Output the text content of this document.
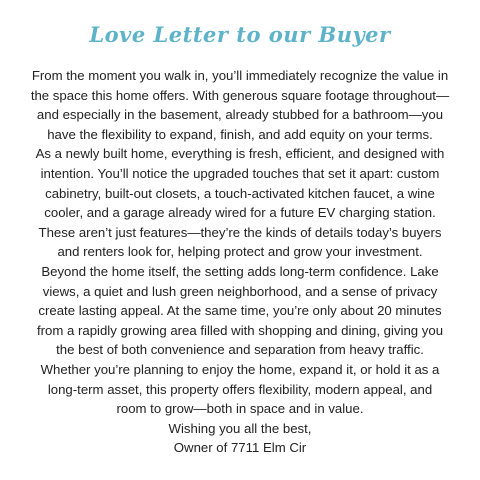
Love Letter to our Buyer
From the moment you walk in, you’ll immediately recognize the value in
the space this home offers. With generous square footage throughout—
and especially in the basement, already stubbed for a bathroom—you
have the flexibility to expand, finish, and add equity on your terms.
As a newly built home, everything is fresh, efficient, and designed with
intention. You’ll notice the upgraded touches that set it apart: custom
cabinetry, built-out closets, a touch-activated kitchen faucet, a wine
cooler, and a garage already wired for a future EV charging station.
These aren’t just features—they’re the kinds of details today’s buyers
and renters look for, helping protect and grow your investment.
Beyond the home itself, the setting adds long-term confidence. Lake
views, a quiet and lush green neighborhood, and a sense of privacy
create lasting appeal. At the same time, you’re only about 20 minutes
from a rapidly growing area filled with shopping and dining, giving you
the best of both convenience and separation from heavy traffic.
Whether you’re planning to enjoy the home, expand it, or hold it as a
long-term asset, this property offers flexibility, modern appeal, and
room to grow—both in space and in value.
Wishing you all the best,
Owner of 7711 Elm Cir
